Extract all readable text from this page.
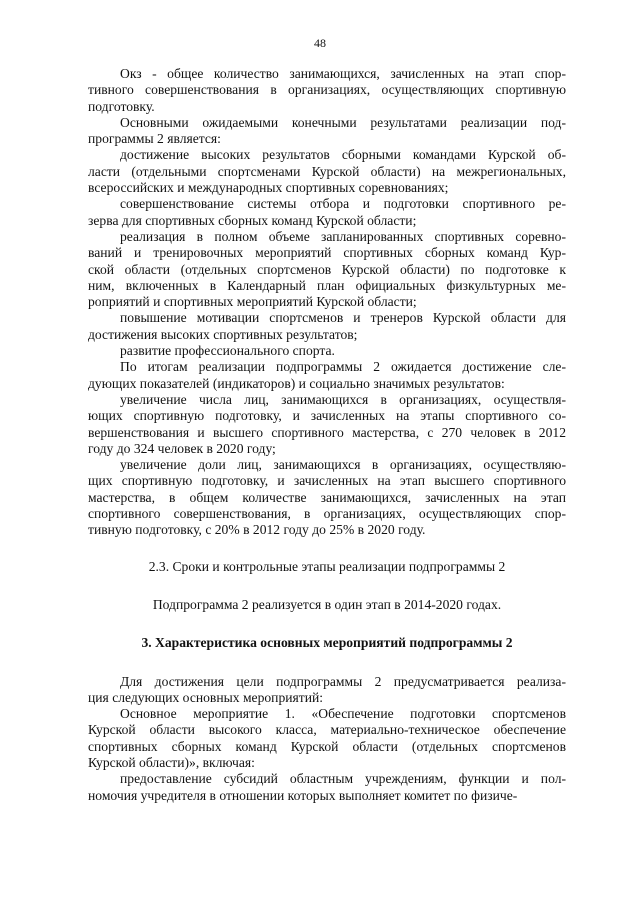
48
Окз - общее количество занимающихся, зачисленных на этап спор-
тивного совершенствования в организациях, осуществляющих спортивную
подготовку.
Основными ожидаемыми конечными результатами реализации под-
программы 2 является:
достижение высоких результатов сборными командами Курской об-
ласти (отдельными спортсменами Курской области) на межрегиональных,
всероссийских и международных спортивных соревнованиях;
совершенствование системы отбора и подготовки спортивного ре-
зерва для спортивных сборных команд Курской области;
реализация в полном объеме запланированных спортивных соревно-
ваний и тренировочных мероприятий спортивных сборных команд Кур-
ской области (отдельных спортсменов Курской области) по подготовке к
ним, включенных в Календарный план официальных физкультурных ме-
роприятий и спортивных мероприятий Курской области;
повышение мотивации спортсменов и тренеров Курской области для
достижения высоких спортивных результатов;
развитие профессионального спорта.
По итогам реализации подпрограммы 2 ожидается достижение сле-
дующих показателей (индикаторов) и социально значимых результатов:
увеличение числа лиц, занимающихся в организациях, осуществля-
ющих спортивную подготовку, и зачисленных на этапы спортивного со-
вершенствования и высшего спортивного мастерства, с 270 человек в 2012
году до 324 человек в 2020 году;
увеличение доли лиц, занимающихся в организациях, осуществляю-
щих спортивную подготовку, и зачисленных на этап высшего спортивного
мастерства, в общем количестве занимающихся, зачисленных на этап
спортивного совершенствования, в организациях, осуществляющих спор-
тивную подготовку, с 20% в 2012 году до 25% в 2020 году.
2.3. Сроки и контрольные этапы реализации подпрограммы 2
Подпрограмма 2 реализуется в один этап в 2014-2020 годах.
3. Характеристика основных мероприятий подпрограммы 2
Для достижения цели подпрограммы 2 предусматривается реализа-
ция следующих основных мероприятий:
Основное мероприятие 1. «Обеспечение подготовки спортсменов
Курской области высокого класса, материально-техническое обеспечение
спортивных сборных команд Курской области (отдельных спортсменов
Курской области)», включая:
предоставление субсидий областным учреждениям, функции и пол-
номочия учредителя в отношении которых выполняет комитет по физиче-
